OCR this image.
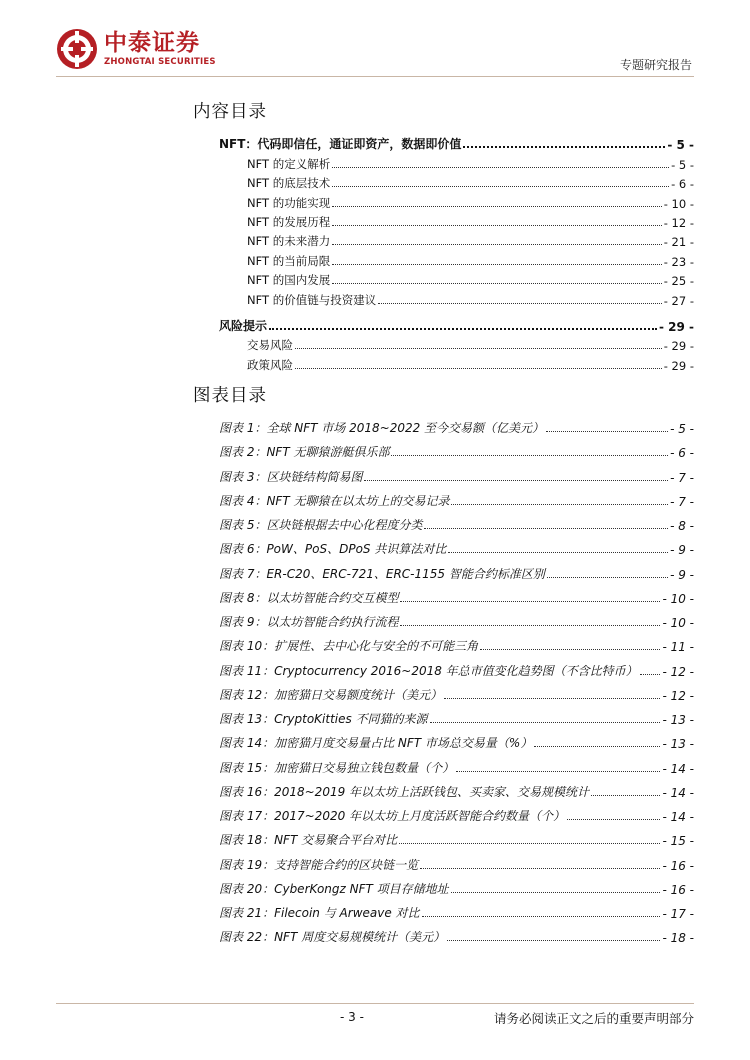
中泰证券
ZHONGTAI SECURITIES	专题研究报告
内容目录
NFT：代码即信任，通证即资产，数据即价值	- 5 -
NFT 的定义解析	- 5 -
NFT 的底层技术	- 6 -
NFT 的功能实现	- 10 -
NFT 的发展历程	- 12 -
NFT 的未来潜力	- 21 -
NFT 的当前局限	- 23 -
NFT 的国内发展	- 25 -
NFT 的价值链与投资建议	- 27 -
风险提示	- 29 -
交易风险	- 29 -
政策风险	- 29 -
图表目录
图表 1：全球 NFT 市场 2018~2022 至今交易额（亿美元）	- 5 -
图表 2：NFT 无聊猿游艇俱乐部	- 6 -
图表 3：区块链结构简易图	- 7 -
图表 4：NFT 无聊猿在以太坊上的交易记录	- 7 -
图表 5：区块链根据去中心化程度分类	- 8 -
图表 6：PoW、PoS、DPoS 共识算法对比	- 9 -
图表 7：ER-C20、ERC-721、ERC-1155 智能合约标准区别	- 9 -
图表 8：以太坊智能合约交互模型	- 10 -
图表 9：以太坊智能合约执行流程	- 10 -
图表 10：扩展性、去中心化与安全的不可能三角	- 11 -
图表 11：Cryptocurrency 2016~2018 年总市值变化趋势图（不含比特币） - 12 -
图表 12：加密猫日交易额度统计（美元）	- 12 -
图表 13：CryptoKitties 不同猫的来源	- 13 -
图表 14：加密猫月度交易量占比 NFT 市场总交易量（%）	- 13 -
图表 15：加密猫日交易独立钱包数量（个）	- 14 -
图表 16：2018~2019 年以太坊上活跃钱包、买卖家、交易规模统计	- 14 -
图表 17：2017~2020 年以太坊上月度活跃智能合约数量（个）	- 14 -
图表 18：NFT 交易聚合平台对比	- 15 -
图表 19：支持智能合约的区块链一览	- 16 -
图表 20：CyberKongz NFT 项目存储地址	- 16 -
图表 21：Filecoin 与 Arweave 对比	- 17 -
图表 22：NFT 周度交易规模统计（美元）	- 18 -
- 3 -	请务必阅读正文之后的重要声明部分
